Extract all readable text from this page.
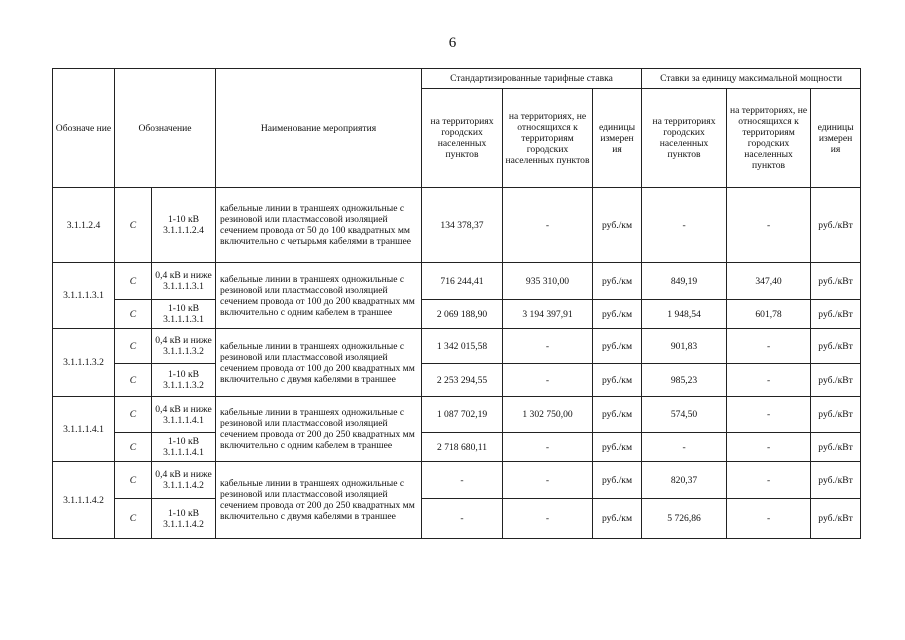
6
Обозначе ние	Обозначение		Наименование мероприятия	Стандартизированные тарифные ставка			Ставки за единицу максимальной мощности		
				на территориях городских населенных пунктов	на территориях, не относящихся к территориям городских населенных пунктов	единицы измерен ия	на территориях городских населенных пунктов	на территориях, не относящихся к территориям городских населенных пунктов	единицы измерен ия
3.1.1.2.4	С	1-10 кВ 3.1.1.1.2.4	кабельные линии в траншеях одножильные с резиновой или пластмассовой изоляцией сечением провода от 50 до 100 квадратных мм включительно с четырьмя кабелями в траншее	134 378,37	-	руб./км	-	-	руб./кВт
3.1.1.1.3.1	С	0,4 кВ и ниже 3.1.1.1.3.1	кабельные линии в траншеях одножильные с резиновой или пластмассовой изоляцией сечением провода от 100 до 200 квадратных мм включительно с одним кабелем в траншее	716 244,41	935 310,00	руб./км	849,19	347,40	руб./кВт
	С	1-10 кВ 3.1.1.1.3.1		2 069 188,90	3 194 397,91	руб./км	1 948,54	601,78	руб./кВт
3.1.1.1.3.2	С	0,4 кВ и ниже 3.1.1.1.3.2	кабельные линии в траншеях одножильные с резиновой или пластмассовой изоляцией сечением провода от 100 до 200 квадратных мм включительно с двумя кабелями в траншее	1 342 015,58	-	руб./км	901,83	-	руб./кВт
	С	1-10 кВ 3.1.1.1.3.2		2 253 294,55	-	руб./км	985,23	-	руб./кВт
3.1.1.1.4.1	С	0,4 кВ и ниже 3.1.1.1.4.1	кабельные линии в траншеях одножильные с резиновой или пластмассовой изоляцией сечением провода от 200 до 250 квадратных мм включительно с одним кабелем в траншее	1 087 702,19	1 302 750,00	руб./км	574,50	-	руб./кВт
	С	1-10 кВ 3.1.1.1.4.1		2 718 680,11	-	руб./км	-	-	руб./кВт
3.1.1.1.4.2	С	0,4 кВ и ниже 3.1.1.1.4.2	кабельные линии в траншеях одножильные с резиновой или пластмассовой изоляцией сечением провода от 200 до 250 квадратных мм включительно с двумя кабелями в траншее	-	-	руб./км	820,37	-	руб./кВт
	С	1-10 кВ 3.1.1.1.4.2		-	-	руб./км	5 726,86	-	руб./кВт
